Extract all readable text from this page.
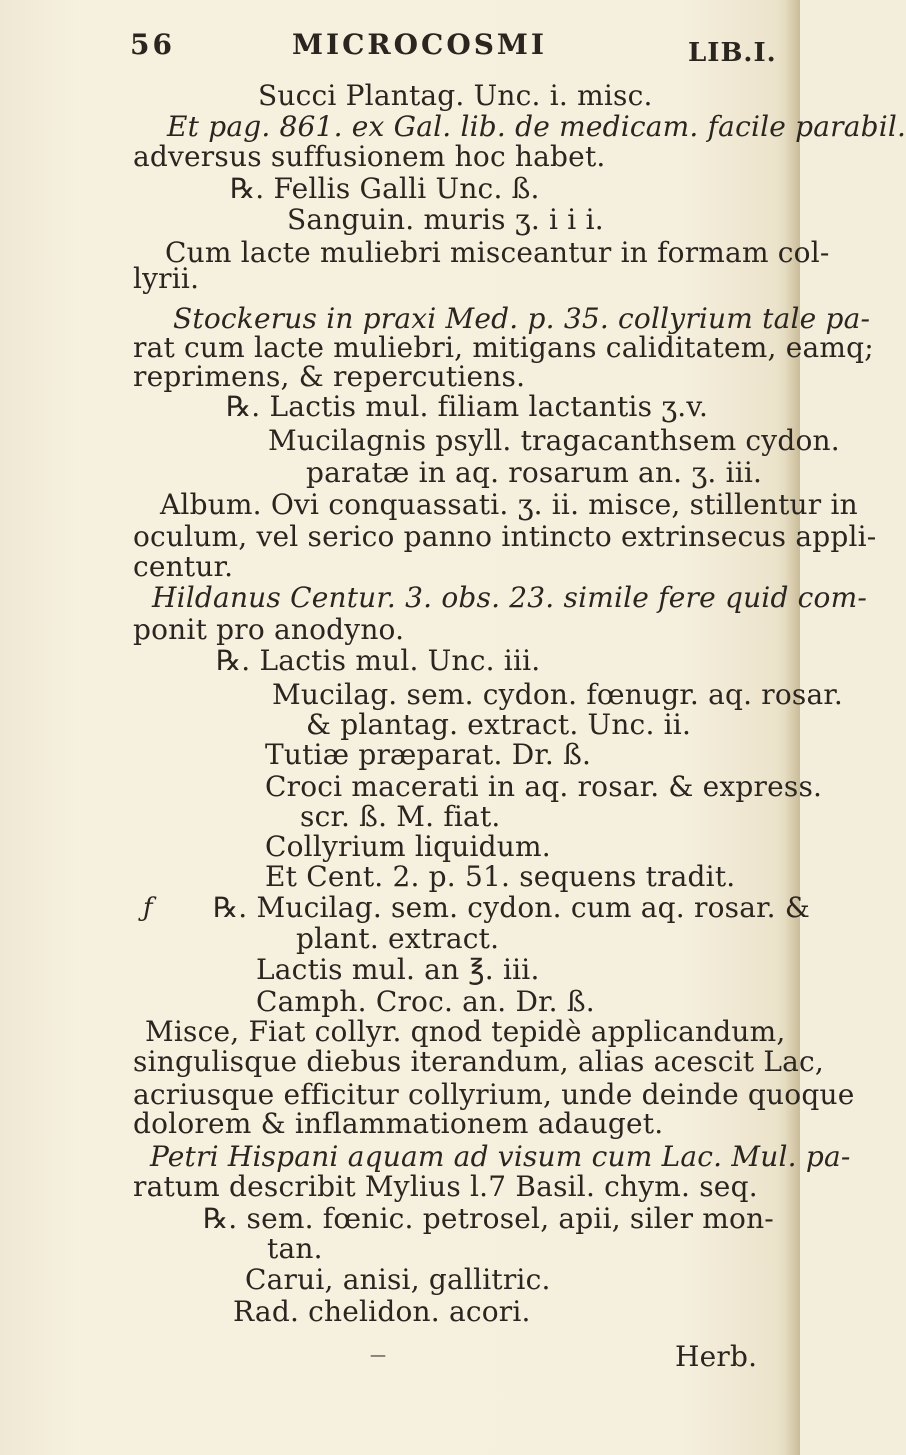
56	MICROCOSMI	LIB.I.
Succi Plantag. Unc. i. misc.
Et pag. 861. ex Gal. lib. de medicam. facile parabil.
adversus suffusionem hoc habet.
℞. Fellis Galli Unc. ß.
Sanguin. muris ʒ. i i i.
Cum lacte muliebri misceantur in formam col-
lyrii.
Stockerus in praxi Med. p. 35. collyrium tale pa-
rat cum lacte muliebri, mitigans caliditatem, eamq;
reprimens, & repercutiens.
℞. Lactis mul. filiam lactantis ʒ.v.
Mucilagnis psyll. tragacanthsem cydon.
paratæ in aq. rosarum an. ʒ. iii.
Album. Ovi conquassati. ʒ. ii. misce, stillentur in
oculum, vel serico panno intincto extrinsecus appli-
centur.
Hildanus Centur. 3. obs. 23. simile fere quid com-
ponit pro anodyno.
℞. Lactis mul. Unc. iii.
Mucilag. sem. cydon. fœnugr. aq. rosar.
& plantag. extract. Unc. ii.
Tutiæ præparat. Dr. ß.
Croci macerati in aq. rosar. & express.
scr. ß. M. fiat.
Collyrium liquidum.
Et Cent. 2. p. 51. sequens tradit.
ƒ ℞. Mucilag. sem. cydon. cum aq. rosar. &
plant. extract.
Lactis mul. an ℥. iii.
Camph. Croc. an. Dr. ß.
Misce, Fiat collyr. qnod tepidè applicandum,
singulisque diebus iterandum, alias acescit Lac,
acriusque efficitur collyrium, unde deinde quoque
dolorem & inflammationem adauget.
Petri Hispani aquam ad visum cum Lac. Mul. pa-
ratum describit Mylius l.7 Basil. chym. seq.
℞. sem. fœnic. petrosel, apii, siler mon-
tan.
Carui, anisi, gallitric.
Rad. chelidon. acori.
—	Herb.
